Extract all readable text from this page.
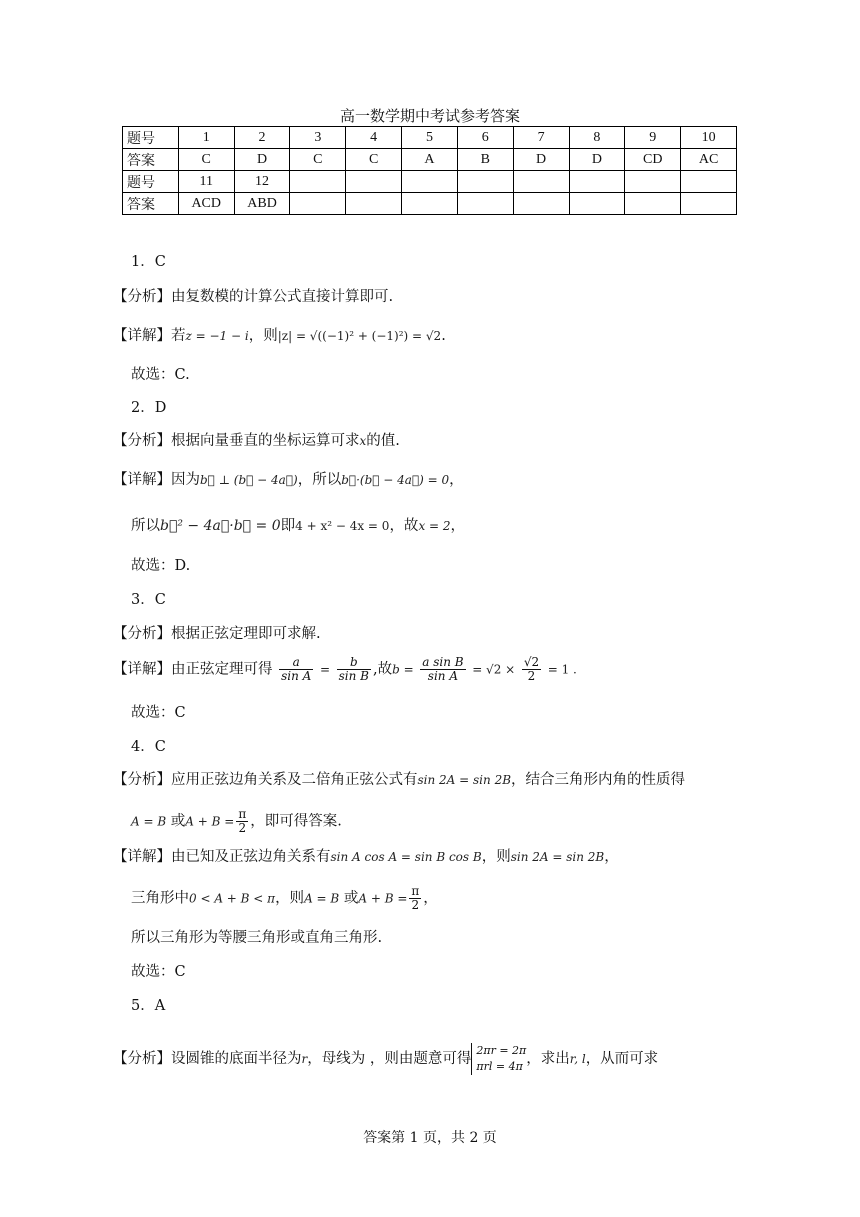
高一数学期中考试参考答案
题号	1	2	3	4	5	6	7	8	9	10
答案	C	D	C	C	A	B	D	D	CD	AC
题号	11	12								
答案	ACD	ABD								
1．C
【分析】由复数模的计算公式直接计算即可.
【详解】若z = −1 − i，则|z| = √((−1)² + (−1)²) = √2.
故选：C.
2．D
【分析】根据向量垂直的坐标运算可求x的值.
【详解】因为b⃗ ⊥ (b⃗ − 4a⃗)，所以b⃗·(b⃗ − 4a⃗) = 0，
所以b⃗² − 4a⃗·b⃗ = 0即4 + x² − 4x = 0，故x = 2，
故选：D.
3．C
【分析】根据正弦定理即可求解.
【详解】由正弦定理可得 $\frac{a}{\text{sin A}} = \frac{b}{\text{sin B}}$ ,故$b = \frac{\text{a sin B}}{\text{sin A}} = √2 \times \frac{√2}{2} = 1$ .
故选：C
4．C
【分析】应用正弦边角关系及二倍角正弦公式有sin 2A = sin 2B，结合三角形内角的性质得
A = B 或$A + B = \frac{\pi}{2}$ ，即可得答案.
【详解】由已知及正弦边角关系有sin A cos A = sin B cos B，则sin 2A = sin 2B，
三角形中0 < A + B < π，则A = B 或$A + B = \frac{\pi}{2}$ ，
所以三角形为等腰三角形或直角三角形.
故选：C
5．A
【分析】设圆锥的底面半径为r，母线为 ，则由题意可得
2πr = 2π
πrl = 4π ，求出r, l，从而可求
答案第 1 页，共 2 页
